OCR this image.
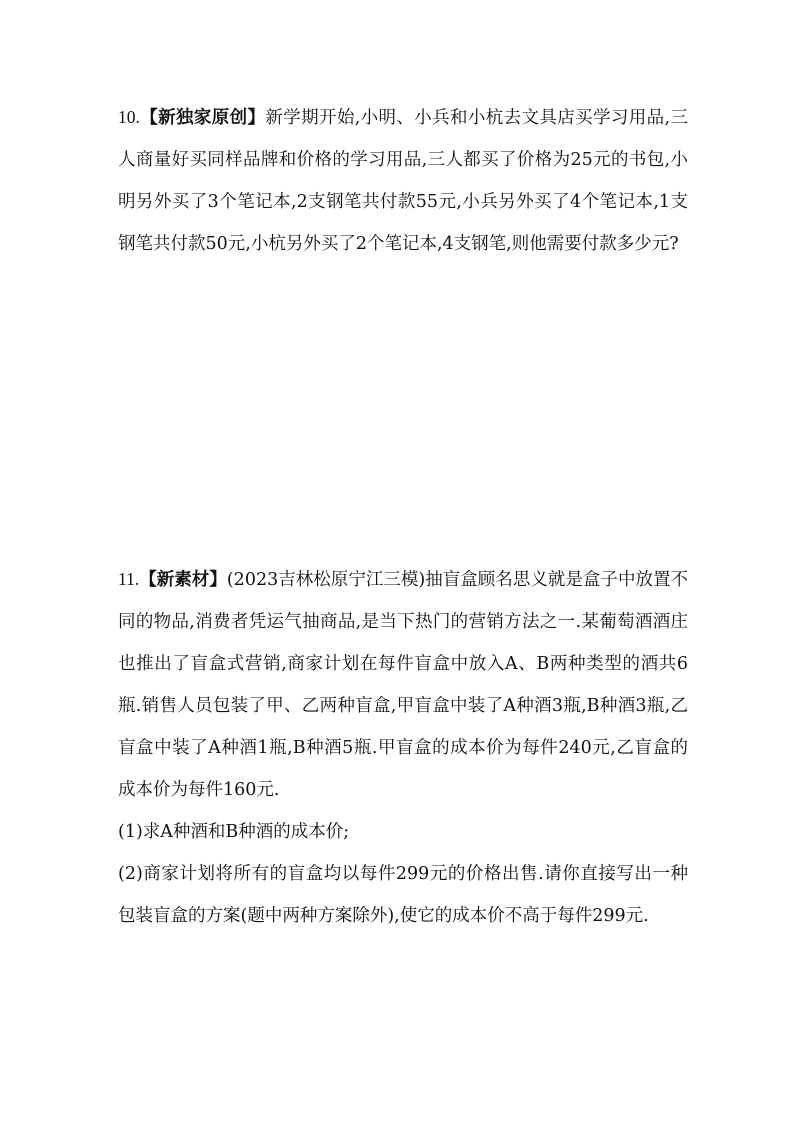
10.【新独家原创】新学期开始,小明、小兵和小杭去文具店买学习用品,三人商量好买同样品牌和价格的学习用品,三人都买了价格为25元的书包,小明另外买了3个笔记本,2支钢笔共付款55元,小兵另外买了4个笔记本,1支钢笔共付款50元,小杭另外买了2个笔记本,4支钢笔,则他需要付款多少元?
11.【新素材】(2023吉林松原宁江三模)抽盲盒顾名思义就是盒子中放置不同的物品,消费者凭运气抽商品,是当下热门的营销方法之一.某葡萄酒酒庄也推出了盲盒式营销,商家计划在每件盲盒中放入A、B两种类型的酒共6瓶.销售人员包装了甲、乙两种盲盒,甲盲盒中装了A种酒3瓶,B种酒3瓶,乙盲盒中装了A种酒1瓶,B种酒5瓶.甲盲盒的成本价为每件240元,乙盲盒的成本价为每件160元.
(1)求A种酒和B种酒的成本价;
(2)商家计划将所有的盲盒均以每件299元的价格出售.请你直接写出一种包装盲盒的方案(题中两种方案除外),使它的成本价不高于每件299元.
